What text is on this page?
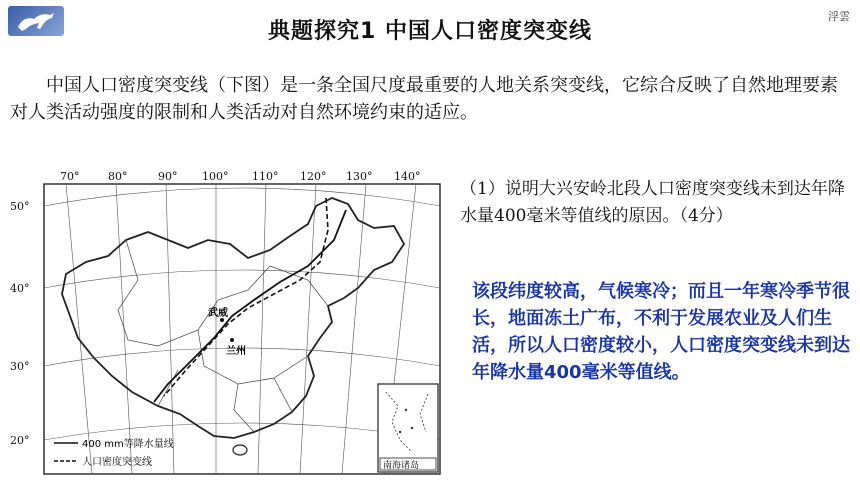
浮雲
典题探究1 中国人口密度突变线
中国人口密度突变线（下图）是一条全国尺度最重要的人地关系突变线，它综合反映了自然地理要素对人类活动强度的限制和人类活动对自然环境约束的适应。
武威
兰州
70°	80°	90° 100° 110° 120° 130° 140°
50°
40°
30°
20°	400 mm等降水量线
人口密度突变线	南海诸岛
（1）说明大兴安岭北段人口密度突变线未到达年降水量400毫米等值线的原因。（4分）
该段纬度较高，气候寒冷；而且一年寒冷季节很长，地面冻土广布，不利于发展农业及人们生活，所以人口密度较小，人口密度突变线未到达年降水量400毫米等值线。
